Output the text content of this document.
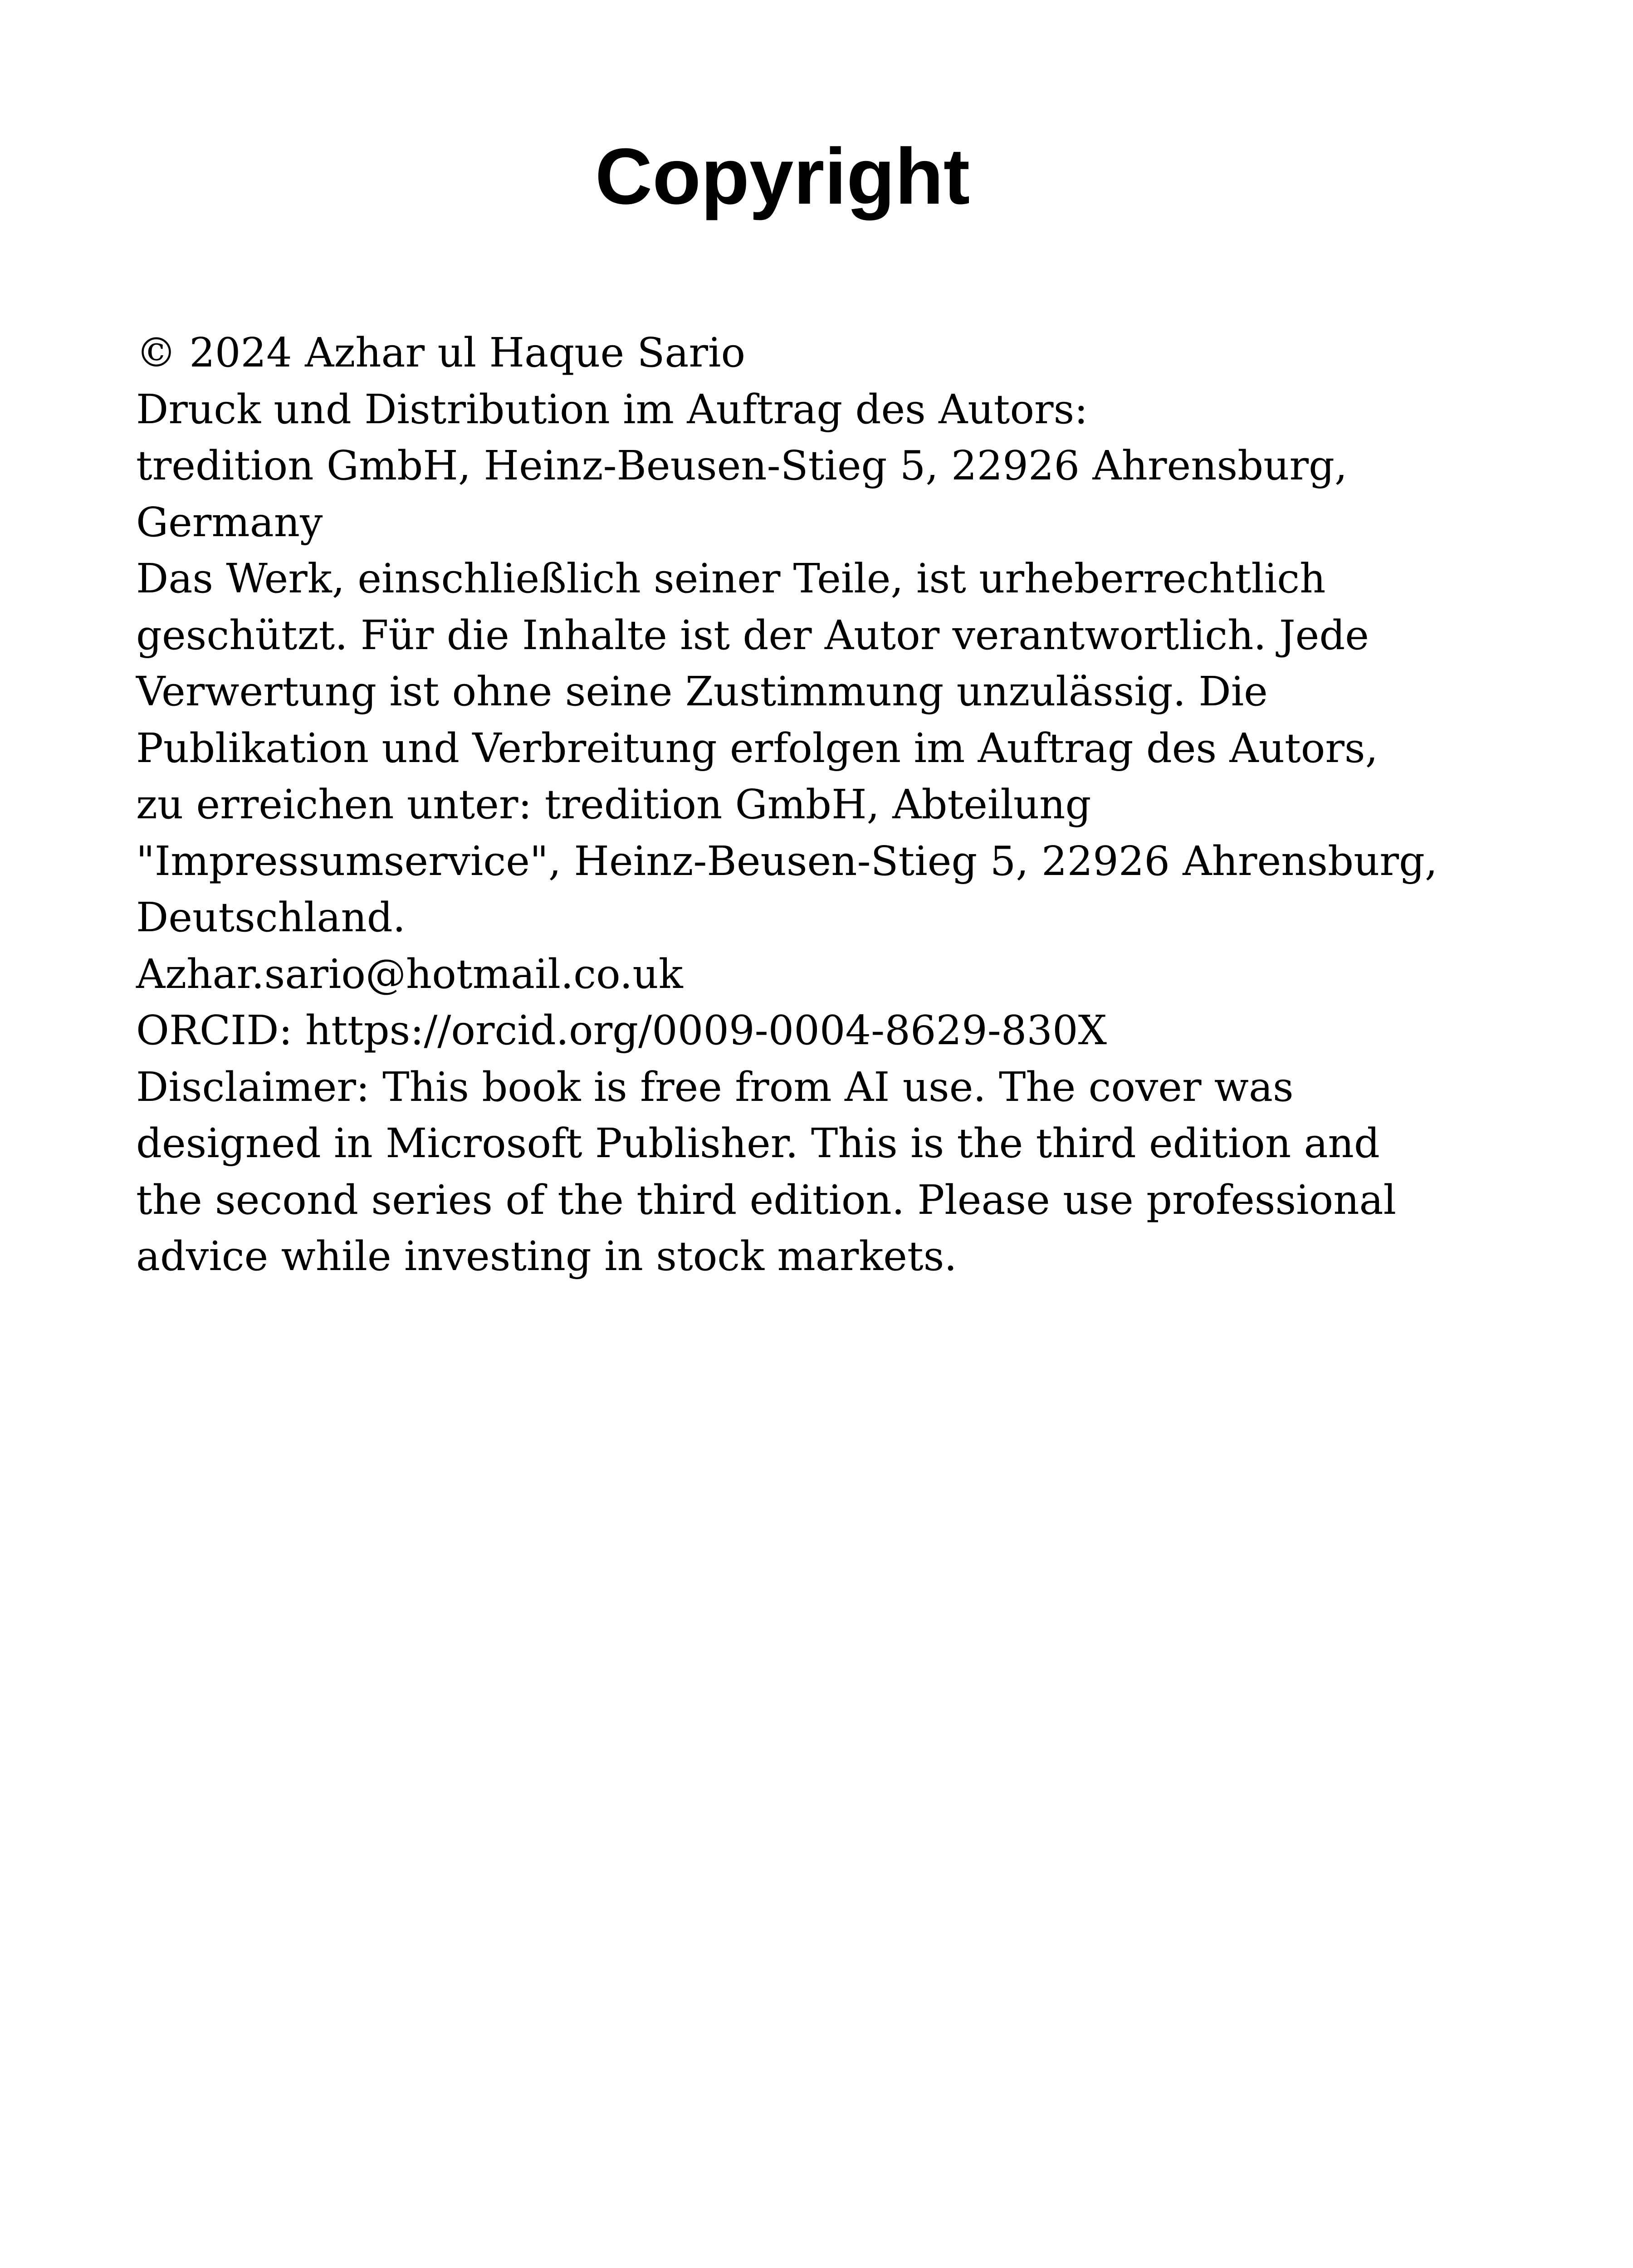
Copyright
© 2024 Azhar ul Haque Sario
Druck und Distribution im Auftrag des Autors:
tredition GmbH, Heinz-Beusen-Stieg 5, 22926 Ahrensburg,
Germany
Das Werk, einschließlich seiner Teile, ist urheberrechtlich
geschützt. Für die Inhalte ist der Autor verantwortlich. Jede
Verwertung ist ohne seine Zustimmung unzulässig. Die
Publikation und Verbreitung erfolgen im Auftrag des Autors,
zu erreichen unter: tredition GmbH, Abteilung
"Impressumservice", Heinz-Beusen-Stieg 5, 22926 Ahrensburg,
Deutschland.
Azhar.sario@hotmail.co.uk
ORCID: https://orcid.org/0009-0004-8629-830X
Disclaimer: This book is free from AI use. The cover was
designed in Microsoft Publisher. This is the third edition and
the second series of the third edition. Please use professional
advice while investing in stock markets.
